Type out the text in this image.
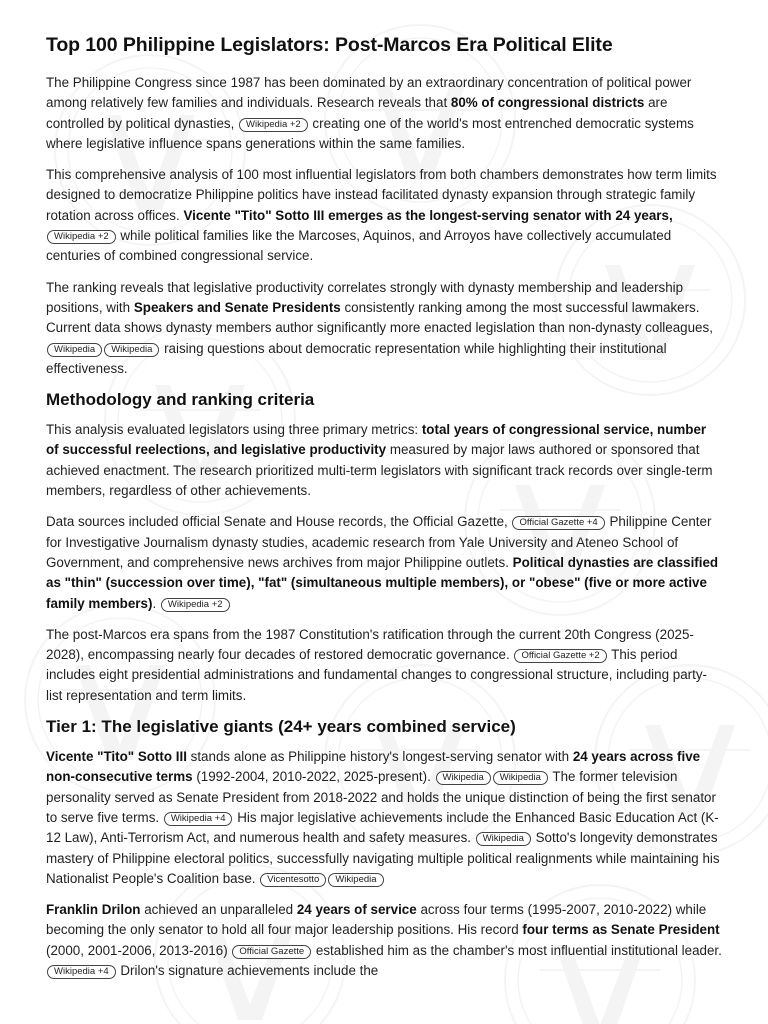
Top 100 Philippine Legislators: Post-Marcos Era Political Elite

The Philippine Congress since 1987 has been dominated by an extraordinary concentration of political power among relatively few families and individuals. Research reveals that 80% of congressional districts are controlled by political dynasties, Wikipedia +2 creating one of the world's most entrenched democratic systems where legislative influence spans generations within the same families.

This comprehensive analysis of 100 most influential legislators from both chambers demonstrates how term limits designed to democratize Philippine politics have instead facilitated dynasty expansion through strategic family rotation across offices. Vicente "Tito" Sotto III emerges as the longest-serving senator with 24 years, Wikipedia +2 while political families like the Marcoses, Aquinos, and Arroyos have collectively accumulated centuries of combined congressional service.

The ranking reveals that legislative productivity correlates strongly with dynasty membership and leadership positions, with Speakers and Senate Presidents consistently ranking among the most successful lawmakers. Current data shows dynasty members author significantly more enacted legislation than non-dynasty colleagues, Wikipedia Wikipedia raising questions about democratic representation while highlighting their institutional effectiveness.

Methodology and ranking criteria

This analysis evaluated legislators using three primary metrics: total years of congressional service, number of successful reelections, and legislative productivity measured by major laws authored or sponsored that achieved enactment. The research prioritized multi-term legislators with significant track records over single-term members, regardless of other achievements.

Data sources included official Senate and House records, the Official Gazette, Official Gazette +4 Philippine Center for Investigative Journalism dynasty studies, academic research from Yale University and Ateneo School of Government, and comprehensive news archives from major Philippine outlets. Political dynasties are classified as "thin" (succession over time), "fat" (simultaneous multiple members), or "obese" (five or more active family members). Wikipedia +2

The post-Marcos era spans from the 1987 Constitution's ratification through the current 20th Congress (2025-2028), encompassing nearly four decades of restored democratic governance. Official Gazette +2 This period includes eight presidential administrations and fundamental changes to congressional structure, including party-list representation and term limits.

Tier 1: The legislative giants (24+ years combined service)

Vicente "Tito" Sotto III stands alone as Philippine history's longest-serving senator with 24 years across five non-consecutive terms (1992-2004, 2010-2022, 2025-present). Wikipedia Wikipedia The former television personality served as Senate President from 2018-2022 and holds the unique distinction of being the first senator to serve five terms. Wikipedia +4 His major legislative achievements include the Enhanced Basic Education Act (K-12 Law), Anti-Terrorism Act, and numerous health and safety measures. Wikipedia Sotto's longevity demonstrates mastery of Philippine electoral politics, successfully navigating multiple political realignments while maintaining his Nationalist People's Coalition base. Vicentesotto Wikipedia

Franklin Drilon achieved an unparalleled 24 years of service across four terms (1995-2007, 2010-2022) while becoming the only senator to hold all four major leadership positions. His record four terms as Senate President (2000, 2001-2006, 2013-2016) Official Gazette established him as the chamber's most influential institutional leader. Wikipedia +4 Drilon's signature achievements include the
